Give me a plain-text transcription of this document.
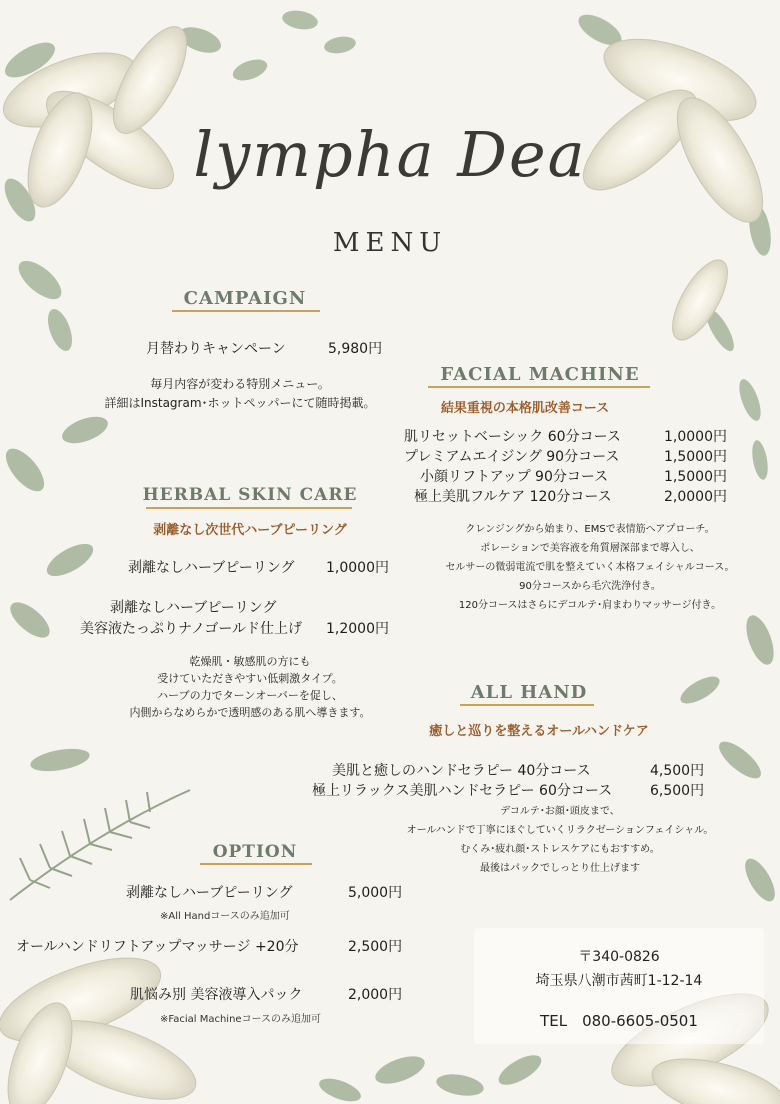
lympha Dea
MENU
CAMPAIGN
月替わりキャンペーン	5,980円
毎月内容が変わる特別メニュー。
詳細はInstagram･ホットペッパーにて随時掲載。
HERBAL SKIN CARE
剥離なし次世代ハーブピーリング
剥離なしハーブピーリング 1,0000円
剥離なしハーブピーリング
美容液たっぷりナノゴールド仕上げ 1,2000円
乾燥肌・敏感肌の方にも
受けていただきやすい低刺激タイプ。
ハーブの力でターンオーバーを促し、
内側からなめらかで透明感のある肌へ導きます。
OPTION
剥離なしハーブピーリング	5,000円
※All Handコースのみ追加可
オールハンドリフトアップマッサージ +20分	2,500円
肌悩み別 美容液導入パック	2,000円
※Facial Machineコースのみ追加可
FACIAL MACHINE
結果重視の本格肌改善コース
肌リセットベーシック 60分コース	1,0000円
プレミアムエイジング 90分コース	1,5000円
小顔リフトアップ 90分コース	1,5000円
極上美肌フルケア 120分コース	2,0000円
クレンジングから始まり、EMSで表情筋へアプローチ。
ポレーションで美容液を角質層深部まで導入し、
セルサーの微弱電流で肌を整えていく本格フェイシャルコース。
90分コースから毛穴洗浄付き。
120分コースはさらにデコルテ･肩まわりマッサージ付き。
ALL HAND
癒しと巡りを整えるオールハンドケア
美肌と癒しのハンドセラピー 40分コース	4,500円
極上リラックス美肌ハンドセラピー 60分コース	6,500円
デコルテ･お顔･頭皮まで、
オールハンドで丁寧にほぐしていくリラクゼーションフェイシャル。
むくみ･疲れ顔･ストレスケアにもおすすめ。
最後はパックでしっとり仕上げます
〒340-0826
埼玉県八潮市茜町1-12-14
TEL　080-6605-0501
